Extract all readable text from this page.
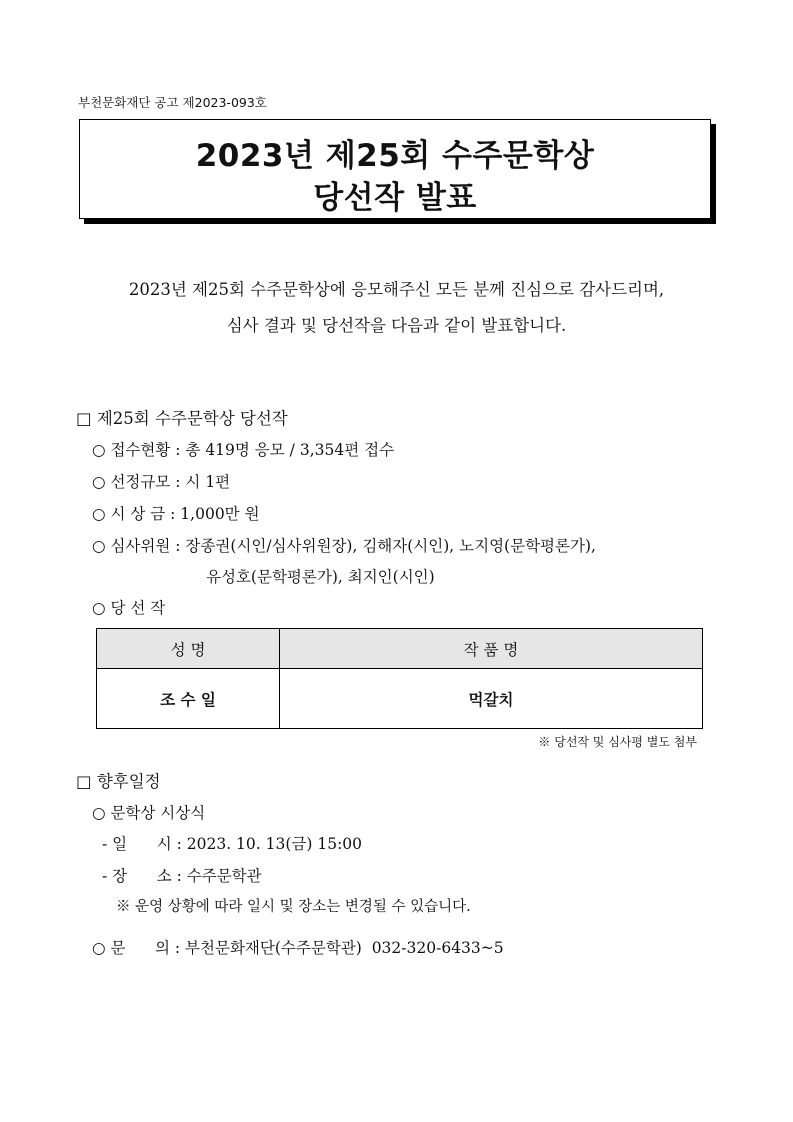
부천문화재단 공고 제2023-093호
2023년 제25회 수주문학상
당선작 발표
2023년 제25회 수주문학상에 응모해주신 모든 분께 진심으로 감사드리며,
심사 결과 및 당선작을 다음과 같이 발표합니다.
□ 제25회 수주문학상 당선작
○ 접수현황 : 총 419명 응모 / 3,354편 접수
○ 선정규모 : 시 1편
○ 시 상 금 : 1,000만 원
○ 심사위원 : 장종권(시인/심사위원장), 김해자(시인), 노지영(문학평론가),
유성호(문학평론가), 최지인(시인)
○ 당 선 작
성 명	작 품 명
조 수 일	먹갈치
※ 당선작 및 심사평 별도 첨부
□ 향후일정
○ 문학상 시상식
- 일      시 : 2023. 10. 13(금) 15:00
- 장      소 : 수주문학관
※ 운영 상황에 따라 일시 및 장소는 변경될 수 있습니다.
○ 문      의 : 부천문화재단(수주문학관)  032-320-6433~5
